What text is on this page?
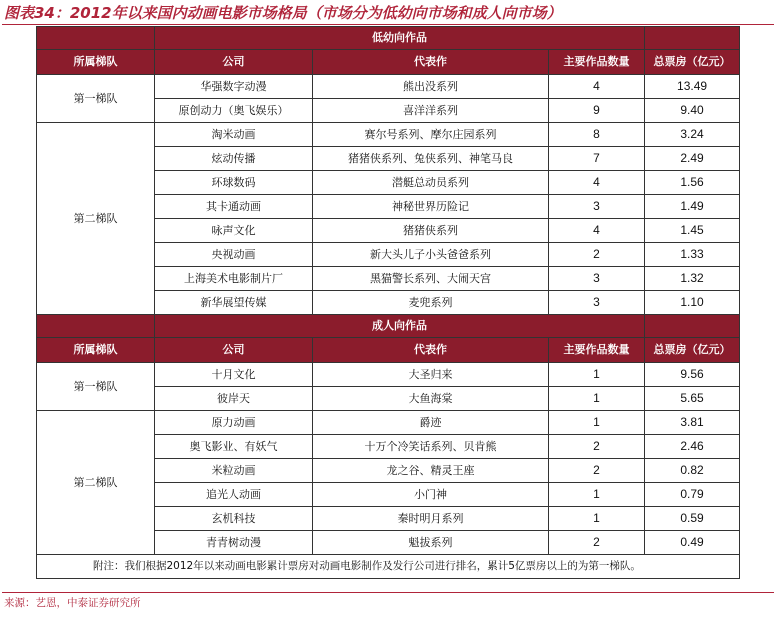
图表34：2012年以来国内动画电影市场格局（市场分为低幼向市场和成人向市场）
	低幼向作品			
所属梯队	公司	代表作	主要作品数量	总票房（亿元）
第一梯队	华强数字动漫	熊出没系列	4	13.49
	原创动力（奥飞娱乐）	喜洋洋系列	9	9.40
第二梯队	淘米动画	赛尔号系列、摩尔庄园系列	8	3.24
	炫动传播	猪猪侠系列、兔侠系列、神笔马良	7	2.49
	环球数码	潜艇总动员系列	4	1.56
	其卡通动画	神秘世界历险记	3	1.49
	咏声文化	猪猪侠系列	4	1.45
	央视动画	新大头儿子小头爸爸系列	2	1.33
	上海美术电影制片厂	黑猫警长系列、大闹天宫	3	1.32
	新华展望传媒	麦兜系列	3	1.10
	成人向作品			
所属梯队	公司	代表作	主要作品数量	总票房（亿元）
第一梯队	十月文化	大圣归来	1	9.56
	彼岸天	大鱼海棠	1	5.65
第二梯队	原力动画	爵迹	1	3.81
	奥飞影业、有妖气	十万个冷笑话系列、贝肯熊	2	2.46
	米粒动画	龙之谷、精灵王座	2	0.82
	追光人动画	小门神	1	0.79
	玄机科技	秦时明月系列	1	0.59
	青青树动漫	魁拔系列	2	0.49
附注：我们根据2012年以来动画电影累计票房对动画电影制作及发行公司进行排名，累计5亿票房以上的为第一梯队。				
来源：艺恩，中泰证券研究所
